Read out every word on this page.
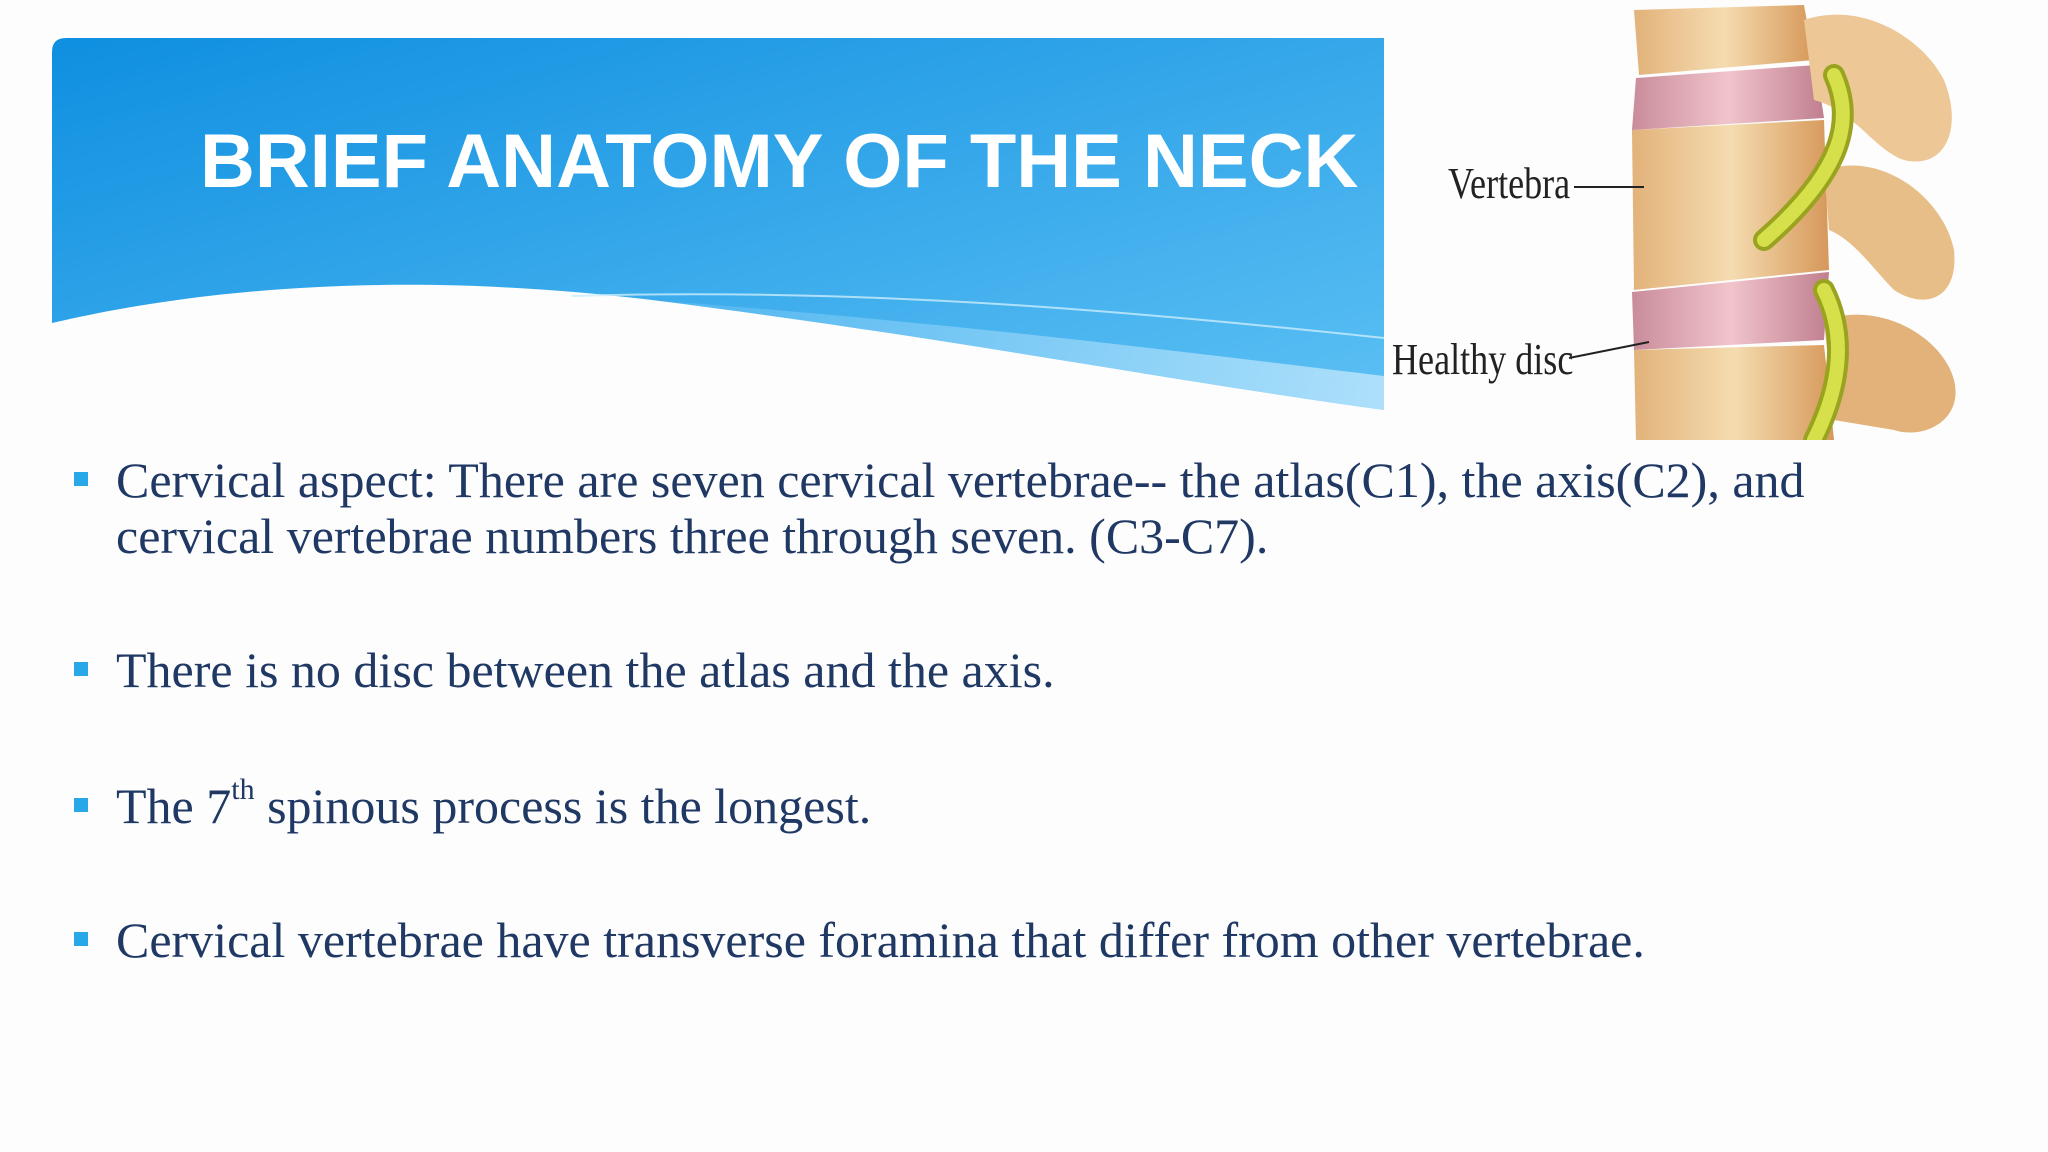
BRIEF ANATOMY OF THE NECK Vertebra
Healthy disc
Cervical aspect: There are seven cervical vertebrae-- the atlas(C1), the axis(C2), and cervical vertebrae numbers three through seven. (C3-C7).
There is no disc between the atlas and the axis.
The 7th spinous process is the longest.
Cervical vertebrae have transverse foramina that differ from other vertebrae.
